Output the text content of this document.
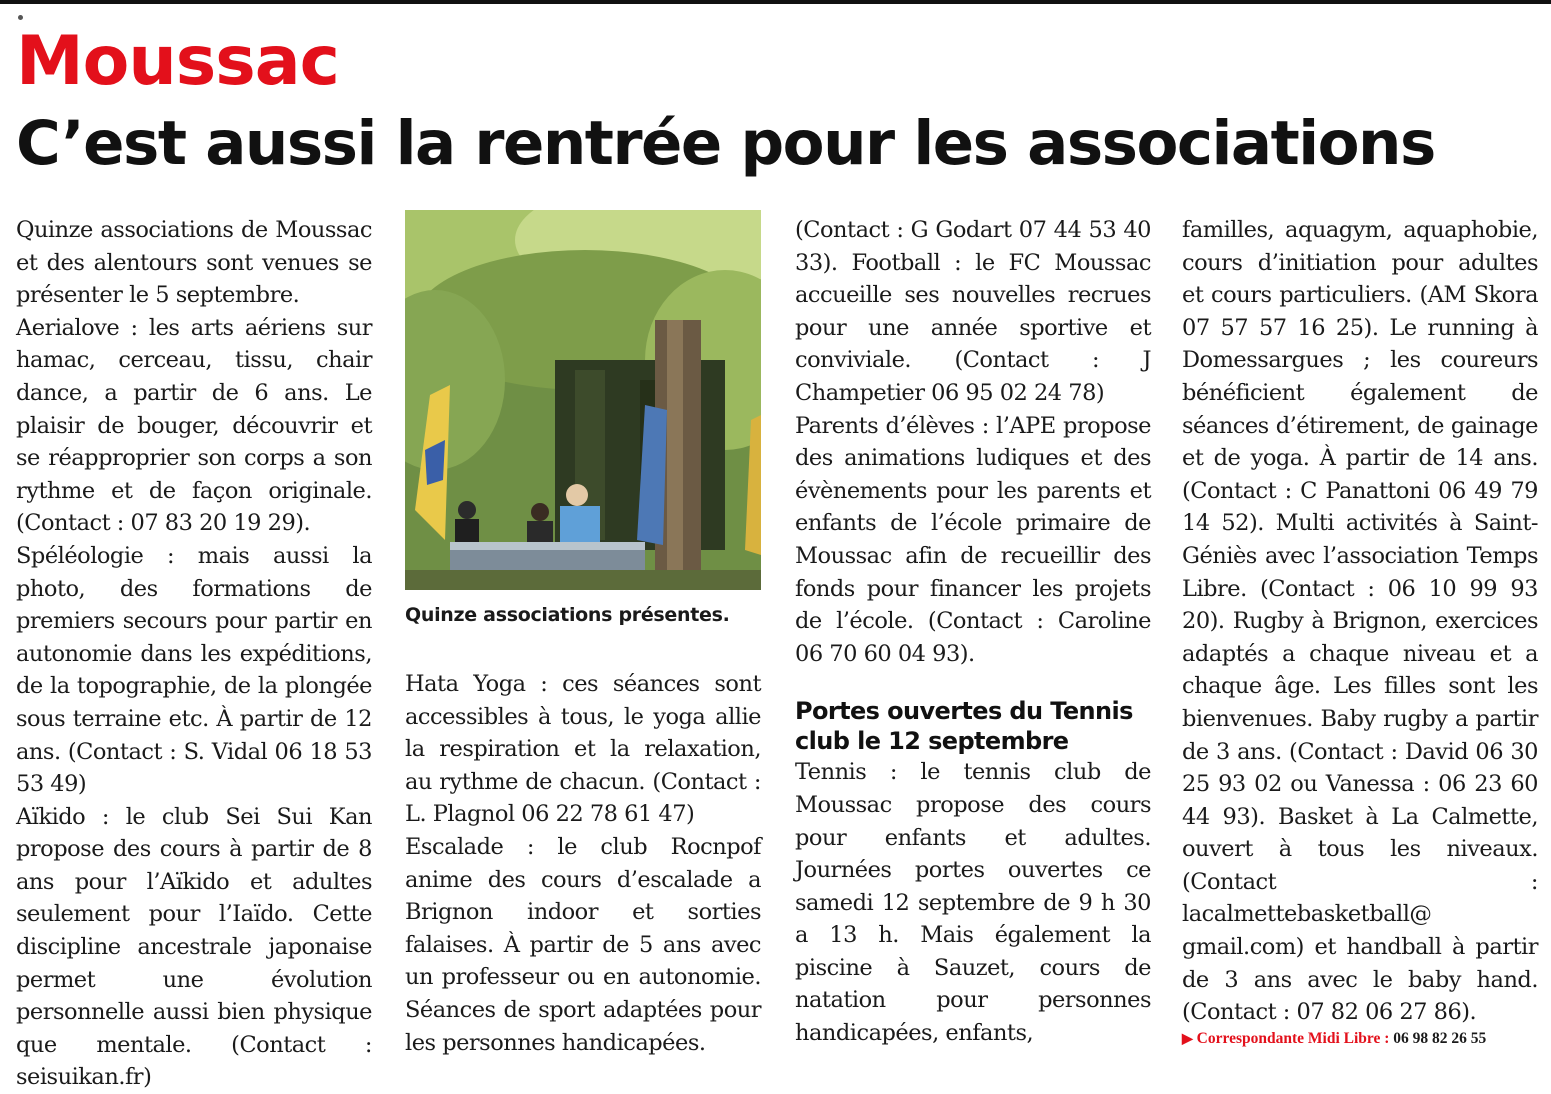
Moussac
C’est aussi la rentrée pour les associations

Quinze associations de Moussac et des alentours sont venues se présenter le 5 septembre.

Aerialove : les arts aériens sur hamac, cerceau, tissu, chair dance, a partir de 6 ans. Le plaisir de bouger, découvrir et se réapproprier son corps a son rythme et de façon originale. (Contact : 07 83 20 19 29).

Spéléologie : mais aussi la photo, des formations de premiers secours pour partir en autonomie dans les expéditions, de la topographie, de la plongée sous terraine etc. À partir de 12 ans. (Contact : S. Vidal 06 18 53 53 49)

Aïkido : le club Sei Sui Kan propose des cours à partir de 8 ans pour l’Aïkido et adultes seulement pour l’Iaïdo. Cette discipline ancestrale japonaise permet une évolution personnelle aussi bien physique que mentale. (Contact : seisuikan.fr)

Quinze associations présentes.

Hata Yoga : ces séances sont accessibles à tous, le yoga allie la respiration et la relaxation, au rythme de chacun. (Contact : L. Plagnol 06 22 78 61 47)

Escalade : le club Rocnpof anime des cours d’escalade a Brignon indoor et sorties falaises. À partir de 5 ans avec un professeur ou en autonomie. Séances de sport adaptées pour les personnes handicapées.

(Contact : G Godart 07 44 53 40 33). Football : le FC Moussac accueille ses nouvelles recrues pour une année sportive et conviviale. (Contact : J Champetier 06 95 02 24 78)

Parents d’élèves : l’APE propose des animations ludiques et des évènements pour les parents et enfants de l’école primaire de Moussac afin de recueillir des fonds pour financer les projets de l’école. (Contact : Caroline 06 70 60 04 93).

Portes ouvertes du Tennis club le 12 septembre

Tennis : le tennis club de Moussac propose des cours pour enfants et adultes. Journées portes ouvertes ce samedi 12 septembre de 9 h 30 a 13 h. Mais également la piscine à Sauzet, cours de natation pour personnes handicapées, enfants,

familles, aquagym, aquaphobie, cours d’initiation pour adultes et cours particuliers. (AM Skora 07 57 57 16 25). Le running à Domessargues ; les coureurs bénéficient également de séances d’étirement, de gainage et de yoga. À partir de 14 ans. (Contact : C Panattoni 06 49 79 14 52). Multi activités à Saint-Géniès avec l’association Temps Libre. (Contact : 06 10 99 93 20). Rugby à Brignon, exercices adaptés a chaque niveau et a chaque âge. Les filles sont les bienvenues. Baby rugby a partir de 3 ans. (Contact : David 06 30 25 93 02 ou Vanessa : 06 23 60 44 93). Basket à La Calmette, ouvert à tous les niveaux. (Contact : lacalmettebasketball@ gmail.com) et handball à partir de 3 ans avec le baby hand. (Contact : 07 82 06 27 86).

▶ Correspondante Midi Libre : 06 98 82 26 55
